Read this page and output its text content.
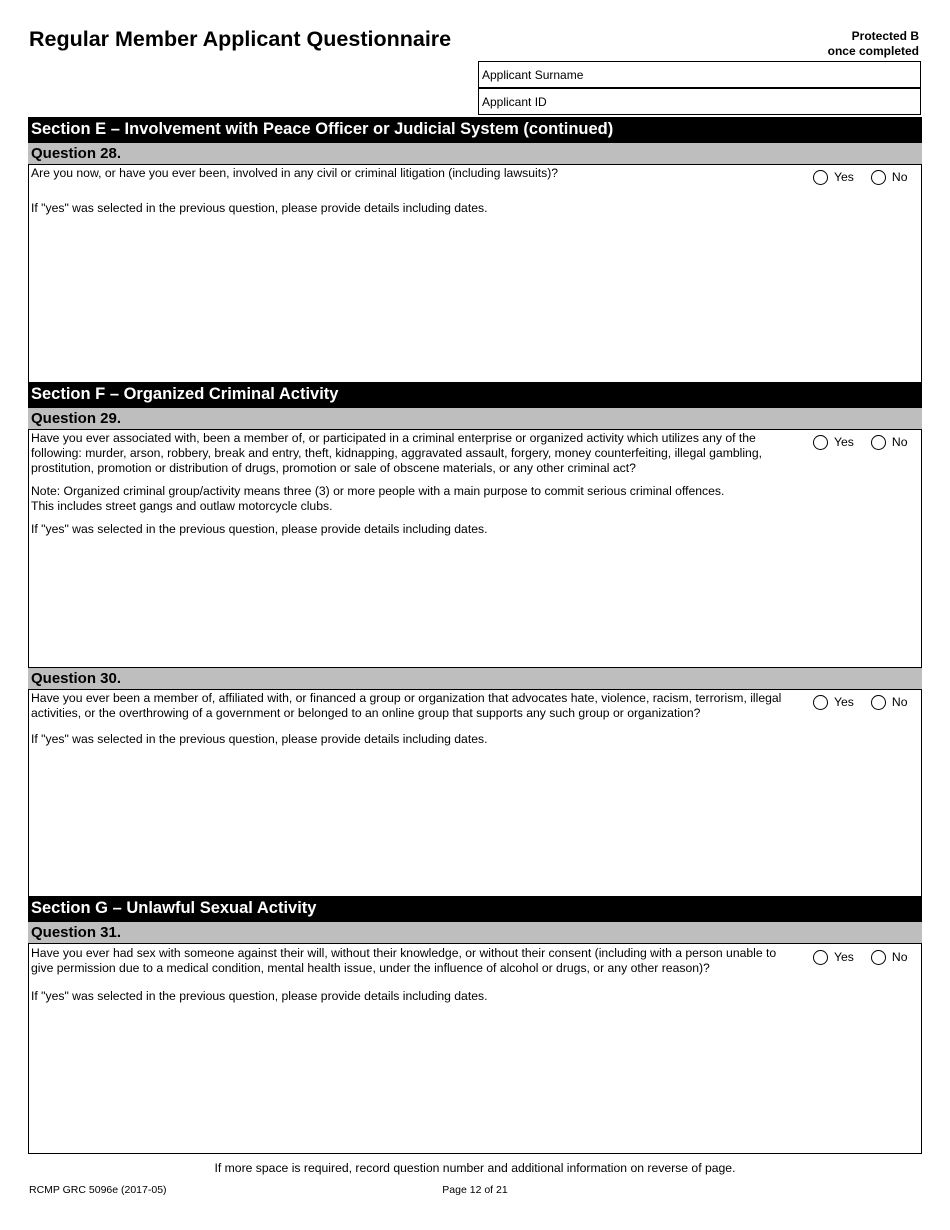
Regular Member Applicant Questionnaire	Protected B
once completed
Applicant Surname
Applicant ID
Section E – Involvement with Peace Officer or Judicial System (continued)
Question 28.
Are you now, or have you ever been, involved in any civil or criminal litigation (including lawsuits)?	Yes	No
If "yes" was selected in the previous question, please provide details including dates.
Section F – Organized Criminal Activity
Question 29.
Have you ever associated with, been a member of, or participated in a criminal enterprise or organized activity which utilizes any of the following: murder, arson, robbery, break and entry, theft, kidnapping, aggravated assault, forgery, money counterfeiting, illegal gambling, prostitution, promotion or distribution of drugs, promotion or sale of obscene materials, or any other criminal act?
Yes	No
Note: Organized criminal group/activity means three (3) or more people with a main purpose to commit serious criminal offences.
This includes street gangs and outlaw motorcycle clubs.
If "yes" was selected in the previous question, please provide details including dates.
Question 30.
Have you ever been a member of, affiliated with, or financed a group or organization that advocates hate, violence, racism, terrorism, illegal activities, or the overthrowing of a government or belonged to an online group that supports any such group or organization?
Yes	No
If "yes" was selected in the previous question, please provide details including dates.
Section G – Unlawful Sexual Activity
Question 31.
Have you ever had sex with someone against their will, without their knowledge, or without their consent (including with a person unable to give permission due to a medical condition, mental health issue, under the influence of alcohol or drugs, or any other reason)?
Yes	No
If "yes" was selected in the previous question, please provide details including dates.
If more space is required, record question number and additional information on reverse of page.
RCMP GRC 5096e (2017-05)	Page 12 of 21
